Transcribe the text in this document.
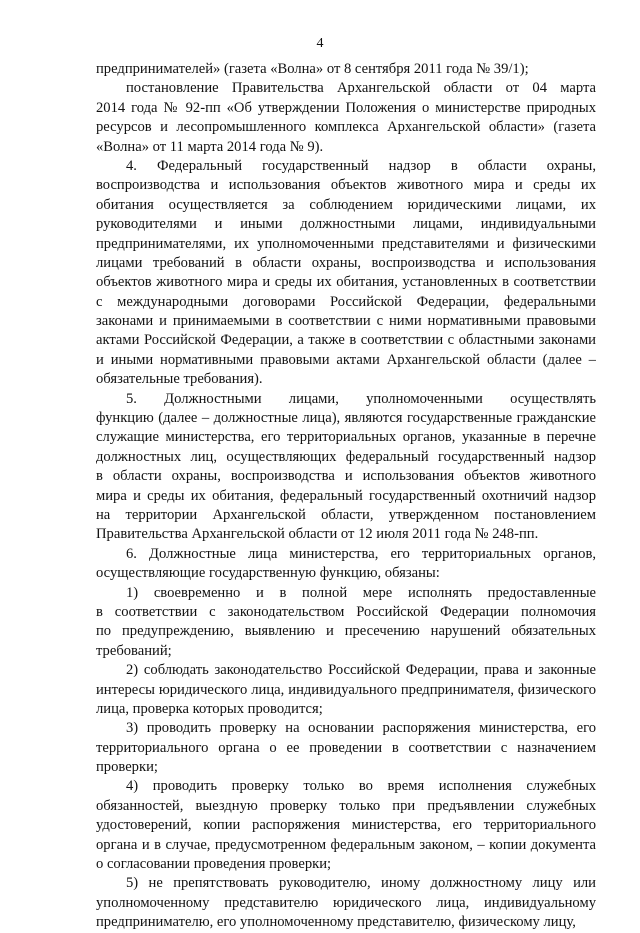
4
предпринимателей» (газета «Волна» от 8 сентября 2011 года № 39/1);
постановление Правительства Архангельской области от 04 марта
2014 года № 92-пп «Об утверждении Положения о министерстве природных
ресурсов и лесопромышленного комплекса Архангельской области» (газета
«Волна» от 11 марта 2014 года № 9).
4. Федеральный государственный надзор в области охраны,
воспроизводства и использования объектов животного мира и среды их
обитания осуществляется за соблюдением юридическими лицами, их
руководителями и иными должностными лицами, индивидуальными
предпринимателями, их уполномоченными представителями и физическими
лицами требований в области охраны, воспроизводства и использования
объектов животного мира и среды их обитания, установленных в соответствии
с международными договорами Российской Федерации, федеральными
законами и принимаемыми в соответствии с ними нормативными правовыми
актами Российской Федерации, а также в соответствии с областными законами
и иными нормативными правовыми актами Архангельской области (далее –
обязательные требования).
5. Должностными лицами, уполномоченными осуществлять
функцию (далее – должностные лица), являются государственные гражданские
служащие министерства, его территориальных органов, указанные в перечне
должностных лиц, осуществляющих федеральный государственный надзор
в области охраны, воспроизводства и использования объектов животного
мира и среды их обитания, федеральный государственный охотничий надзор
на территории Архангельской области, утвержденном постановлением
Правительства Архангельской области от 12 июля 2011 года № 248-пп.
6. Должностные лица министерства, его территориальных органов,
осуществляющие государственную функцию, обязаны:
1) своевременно и в полной мере исполнять предоставленные
в соответствии с законодательством Российской Федерации полномочия
по предупреждению, выявлению и пресечению нарушений обязательных
требований;
2) соблюдать законодательство Российской Федерации, права и законные
интересы юридического лица, индивидуального предпринимателя, физического
лица, проверка которых проводится;
3) проводить проверку на основании распоряжения министерства, его
территориального органа о ее проведении в соответствии с назначением
проверки;
4) проводить проверку только во время исполнения служебных
обязанностей, выездную проверку только при предъявлении служебных
удостоверений, копии распоряжения министерства, его территориального
органа и в случае, предусмотренном федеральным законом, – копии документа
о согласовании проведения проверки;
5) не препятствовать руководителю, иному должностному лицу или
уполномоченному представителю юридического лица, индивидуальному
предпринимателю, его уполномоченному представителю, физическому лицу,
